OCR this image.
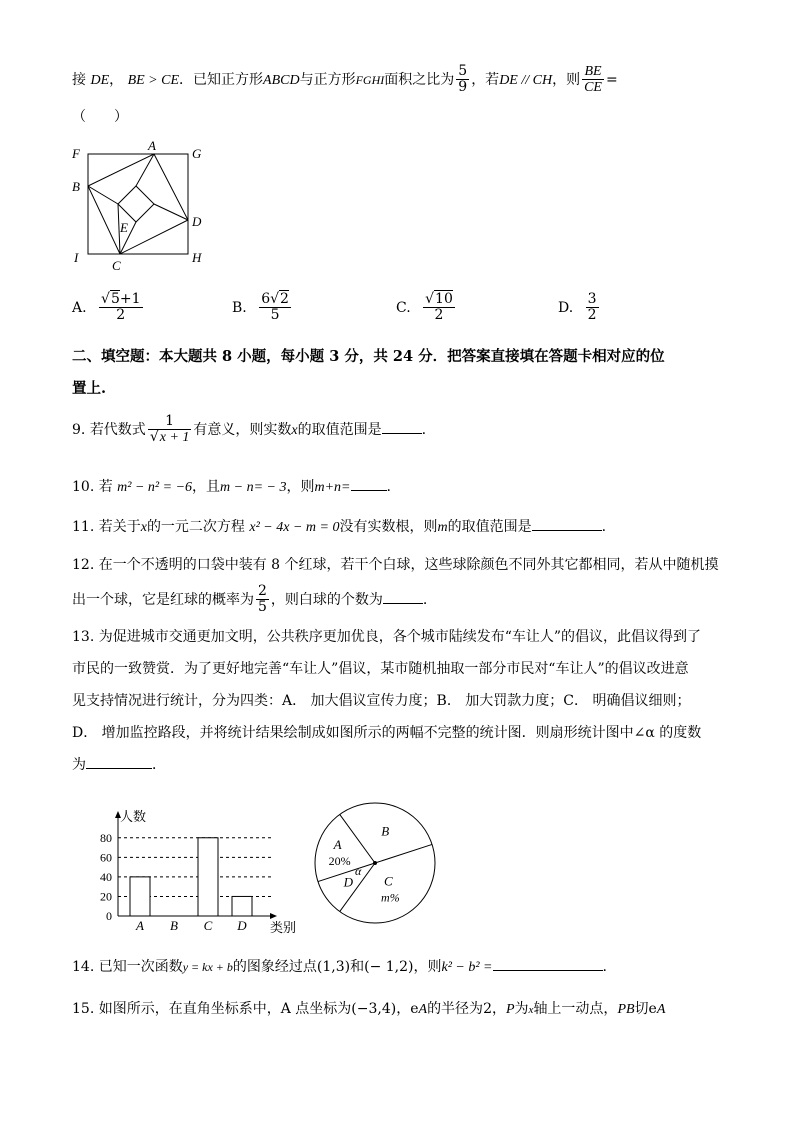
接 DE， BE > CE．已知正方形ABCD与正方形FGHI面积之比为 $\frac{5}{9}$ ，若DE // CH，则 $\frac{BE}{CE}$ =
（　　）
F
A
G
B
D
E
I
C
H
A. $\frac{√5+1}{2}$	B. $\frac{6√2}{5}$	C. $\frac{√10}{2}$	D. $\frac{3}{2}$
二、填空题：本大题共 8 小题，每小题 3 分，共 24 分．把答案直接填在答题卡相对应的位
置上.
9. 若代数式 $\frac{1}{√x + 1}$ 有意义，则实数x的取值范围是	.
10. 若 m² − n² = −6，且m − n= − 3，则m+n=	.
11. 若关于x的一元二次方程 x² − 4x − m = 0没有实数根，则m的取值范围是	.
12. 在一个不透明的口袋中装有 8 个红球，若干个白球，这些球除颜色不同外其它都相同，若从中随机摸
出一个球，它是红球的概率为 $\frac{2}{5}$ ，则白球的个数为	.
13. 为促进城市交通更加文明，公共秩序更加优良，各个城市陆续发布“车让人”的倡议，此倡议得到了
市民的一致赞赏．为了更好地完善“车让人”倡议，某市随机抽取一部分市民对“车让人”的倡议改进意
见支持情况进行统计，分为四类：A． 加大倡议宣传力度；B． 加大罚款力度；C． 明确倡议细则；
D． 增加监控路段，并将统计结果绘制成如图所示的两幅不完整的统计图．则扇形统计图中∠α 的度数
为	．
人数
类别
0
20
40
60
80
A B C D
A
20%
B
C
m%
D
α
14. 已知一次函数y = kx + b的图象经过点(1,3)和(− 1,2)，则k² − b² =	.
15. 如图所示，在直角坐标系中，A 点坐标为(−3,4)，eA的半径为2，P为x轴上一动点，PB切eA
